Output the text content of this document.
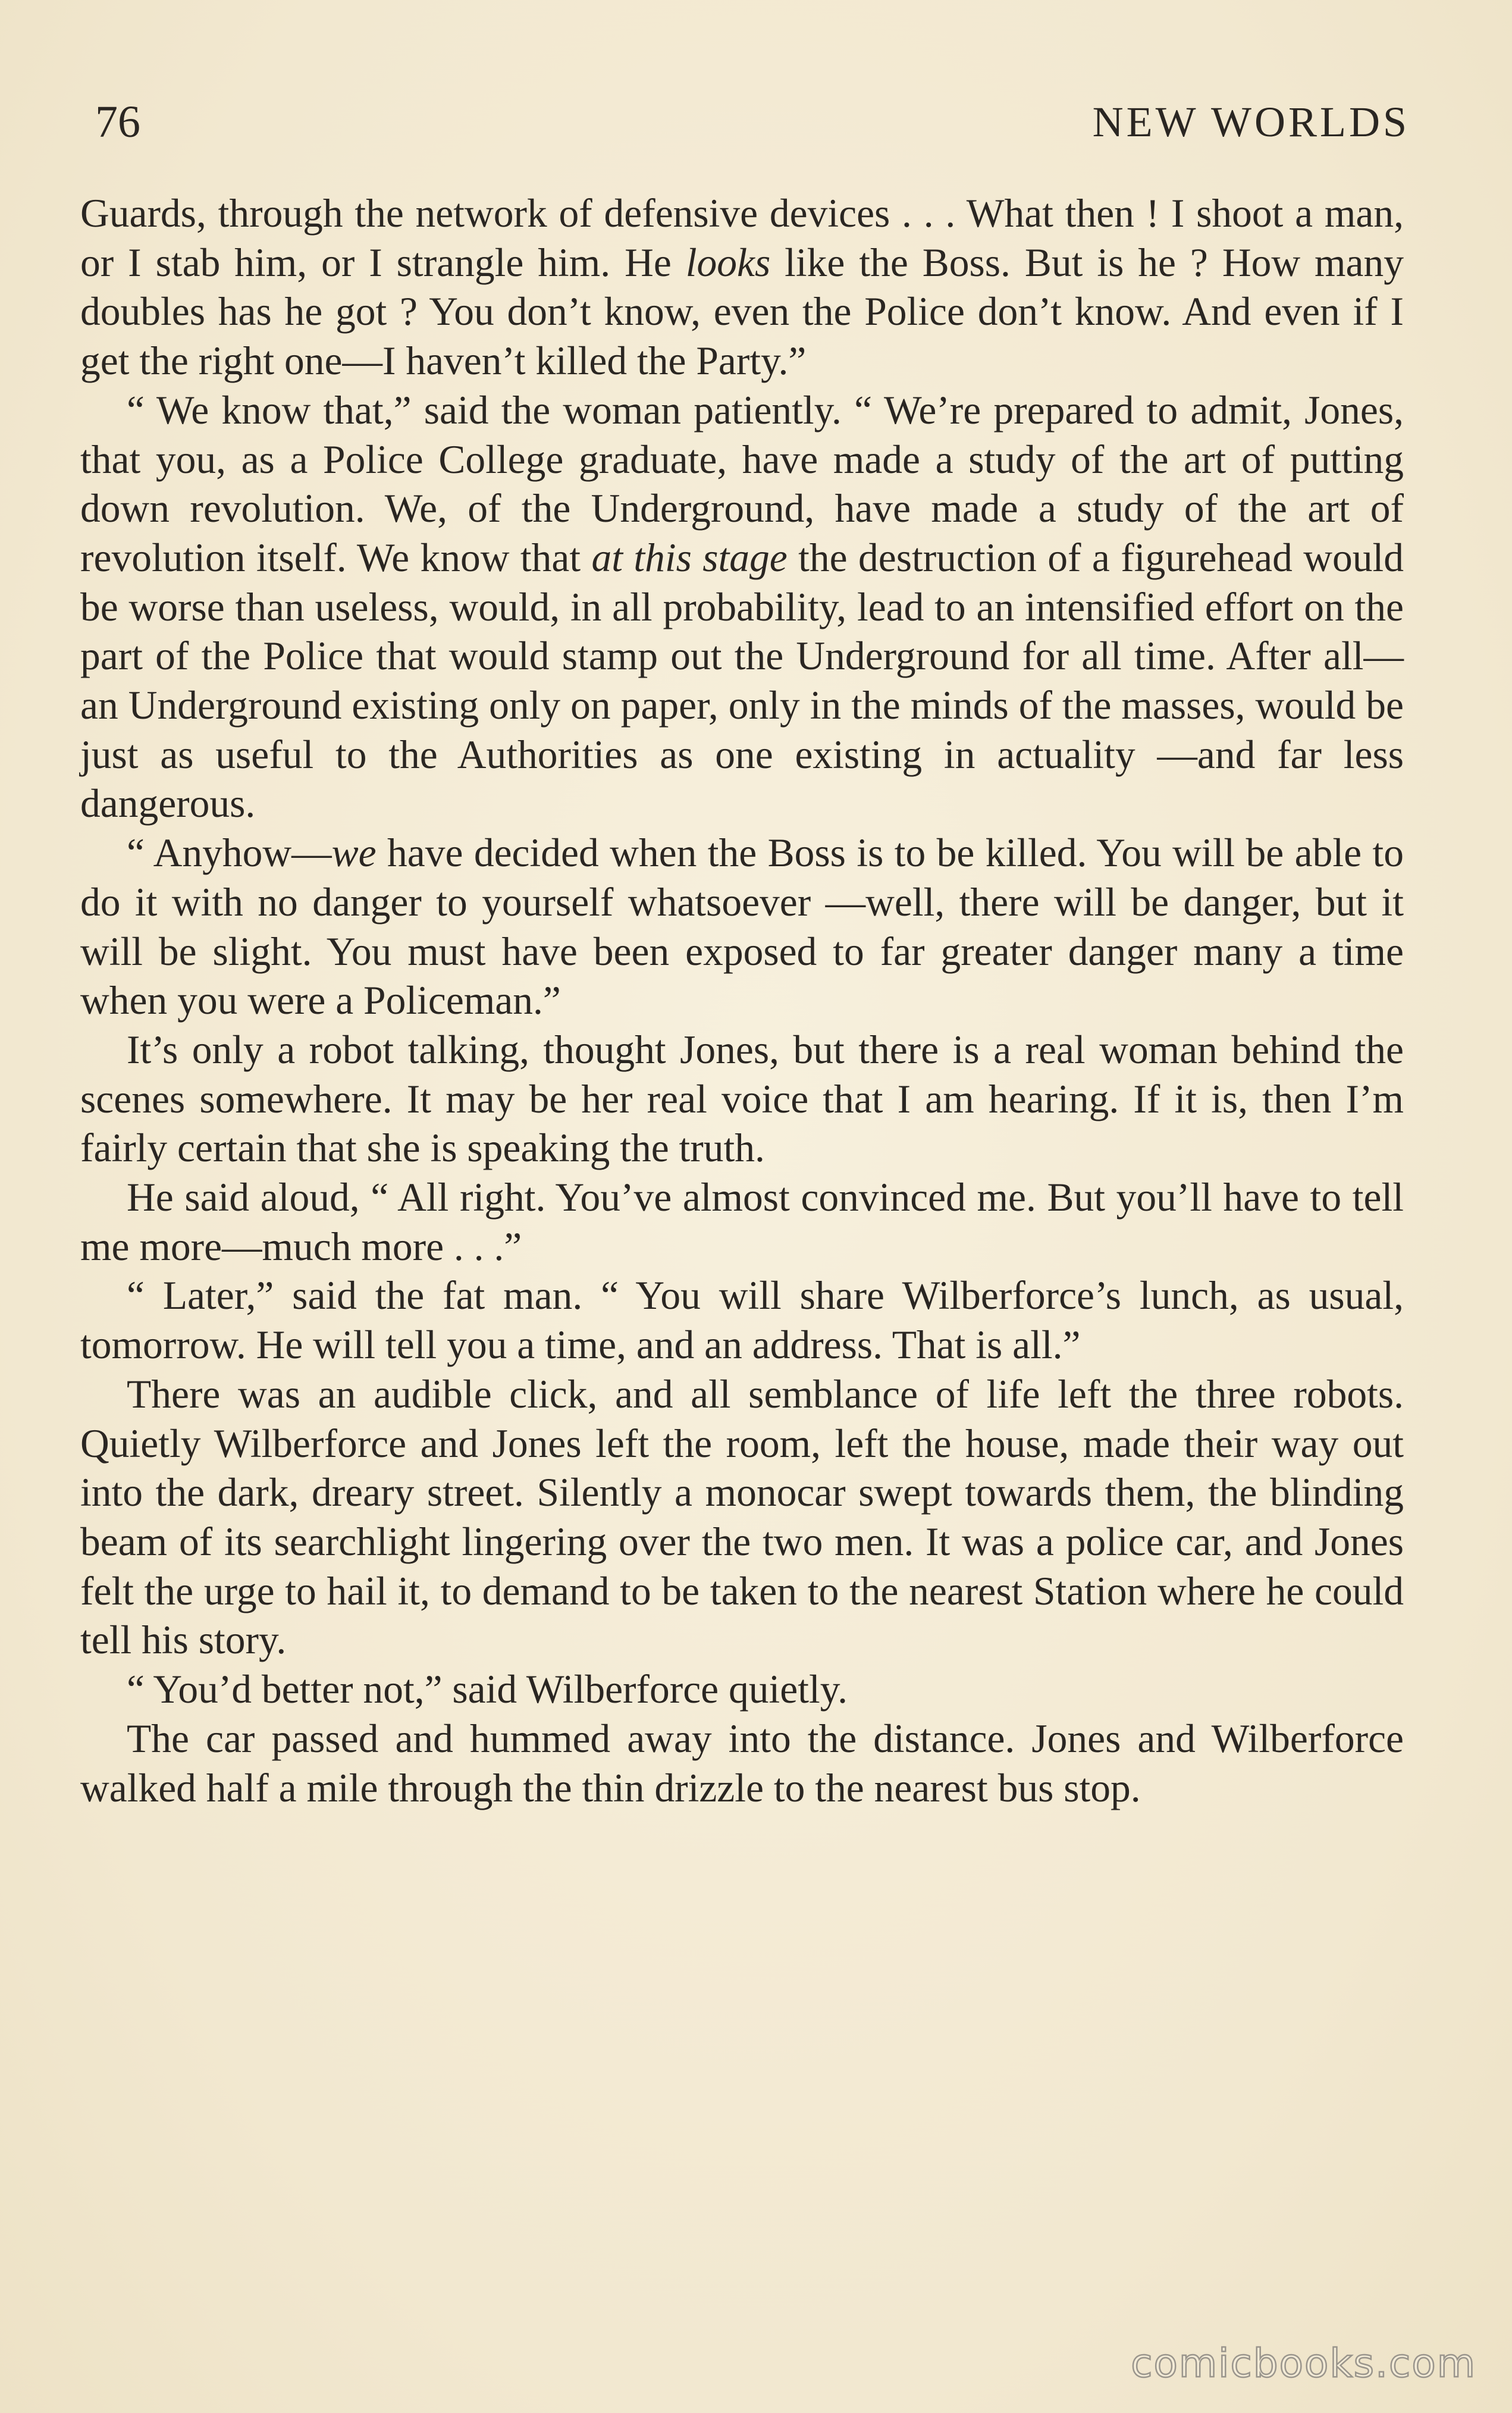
76	NEW WORLDS

Guards, through the network of defensive devices . . . What then ! I shoot a man, or I stab him, or I strangle him. He looks like the Boss. But is he ? How many doubles has he got ? You don’t know, even the Police don’t know. And even if I get the right one—I haven’t killed the Party.”

“ We know that,” said the woman patiently. “ We’re prepared to admit, Jones, that you, as a Police College graduate, have made a study of the art of putting down revolution. We, of the Underground, have made a study of the art of revolution itself. We know that at this stage the destruction of a figurehead would be worse than useless, would, in all probability, lead to an intensified effort on the part of the Police that would stamp out the Underground for all time. After all—an Underground existing only on paper, only in the minds of the masses, would be just as useful to the Authorities as one existing in actuality —and far less dangerous.

“ Anyhow—we have decided when the Boss is to be killed. You will be able to do it with no danger to yourself whatsoever —well, there will be danger, but it will be slight. You must have been exposed to far greater danger many a time when you were a Policeman.”

It’s only a robot talking, thought Jones, but there is a real woman behind the scenes somewhere. It may be her real voice that I am hearing. If it is, then I’m fairly certain that she is speaking the truth.

He said aloud, “ All right. You’ve almost convinced me. But you’ll have to tell me more—much more . . .”

“ Later,” said the fat man. “ You will share Wilberforce’s lunch, as usual, tomorrow. He will tell you a time, and an address. That is all.”

There was an audible click, and all semblance of life left the three robots. Quietly Wilberforce and Jones left the room, left the house, made their way out into the dark, dreary street. Silently a monocar swept towards them, the blinding beam of its searchlight lingering over the two men. It was a police car, and Jones felt the urge to hail it, to demand to be taken to the nearest Station where he could tell his story.

“ You’d better not,” said Wilberforce quietly.

The car passed and hummed away into the distance. Jones and Wilberforce walked half a mile through the thin drizzle to the nearest bus stop.

comicbooks.com
